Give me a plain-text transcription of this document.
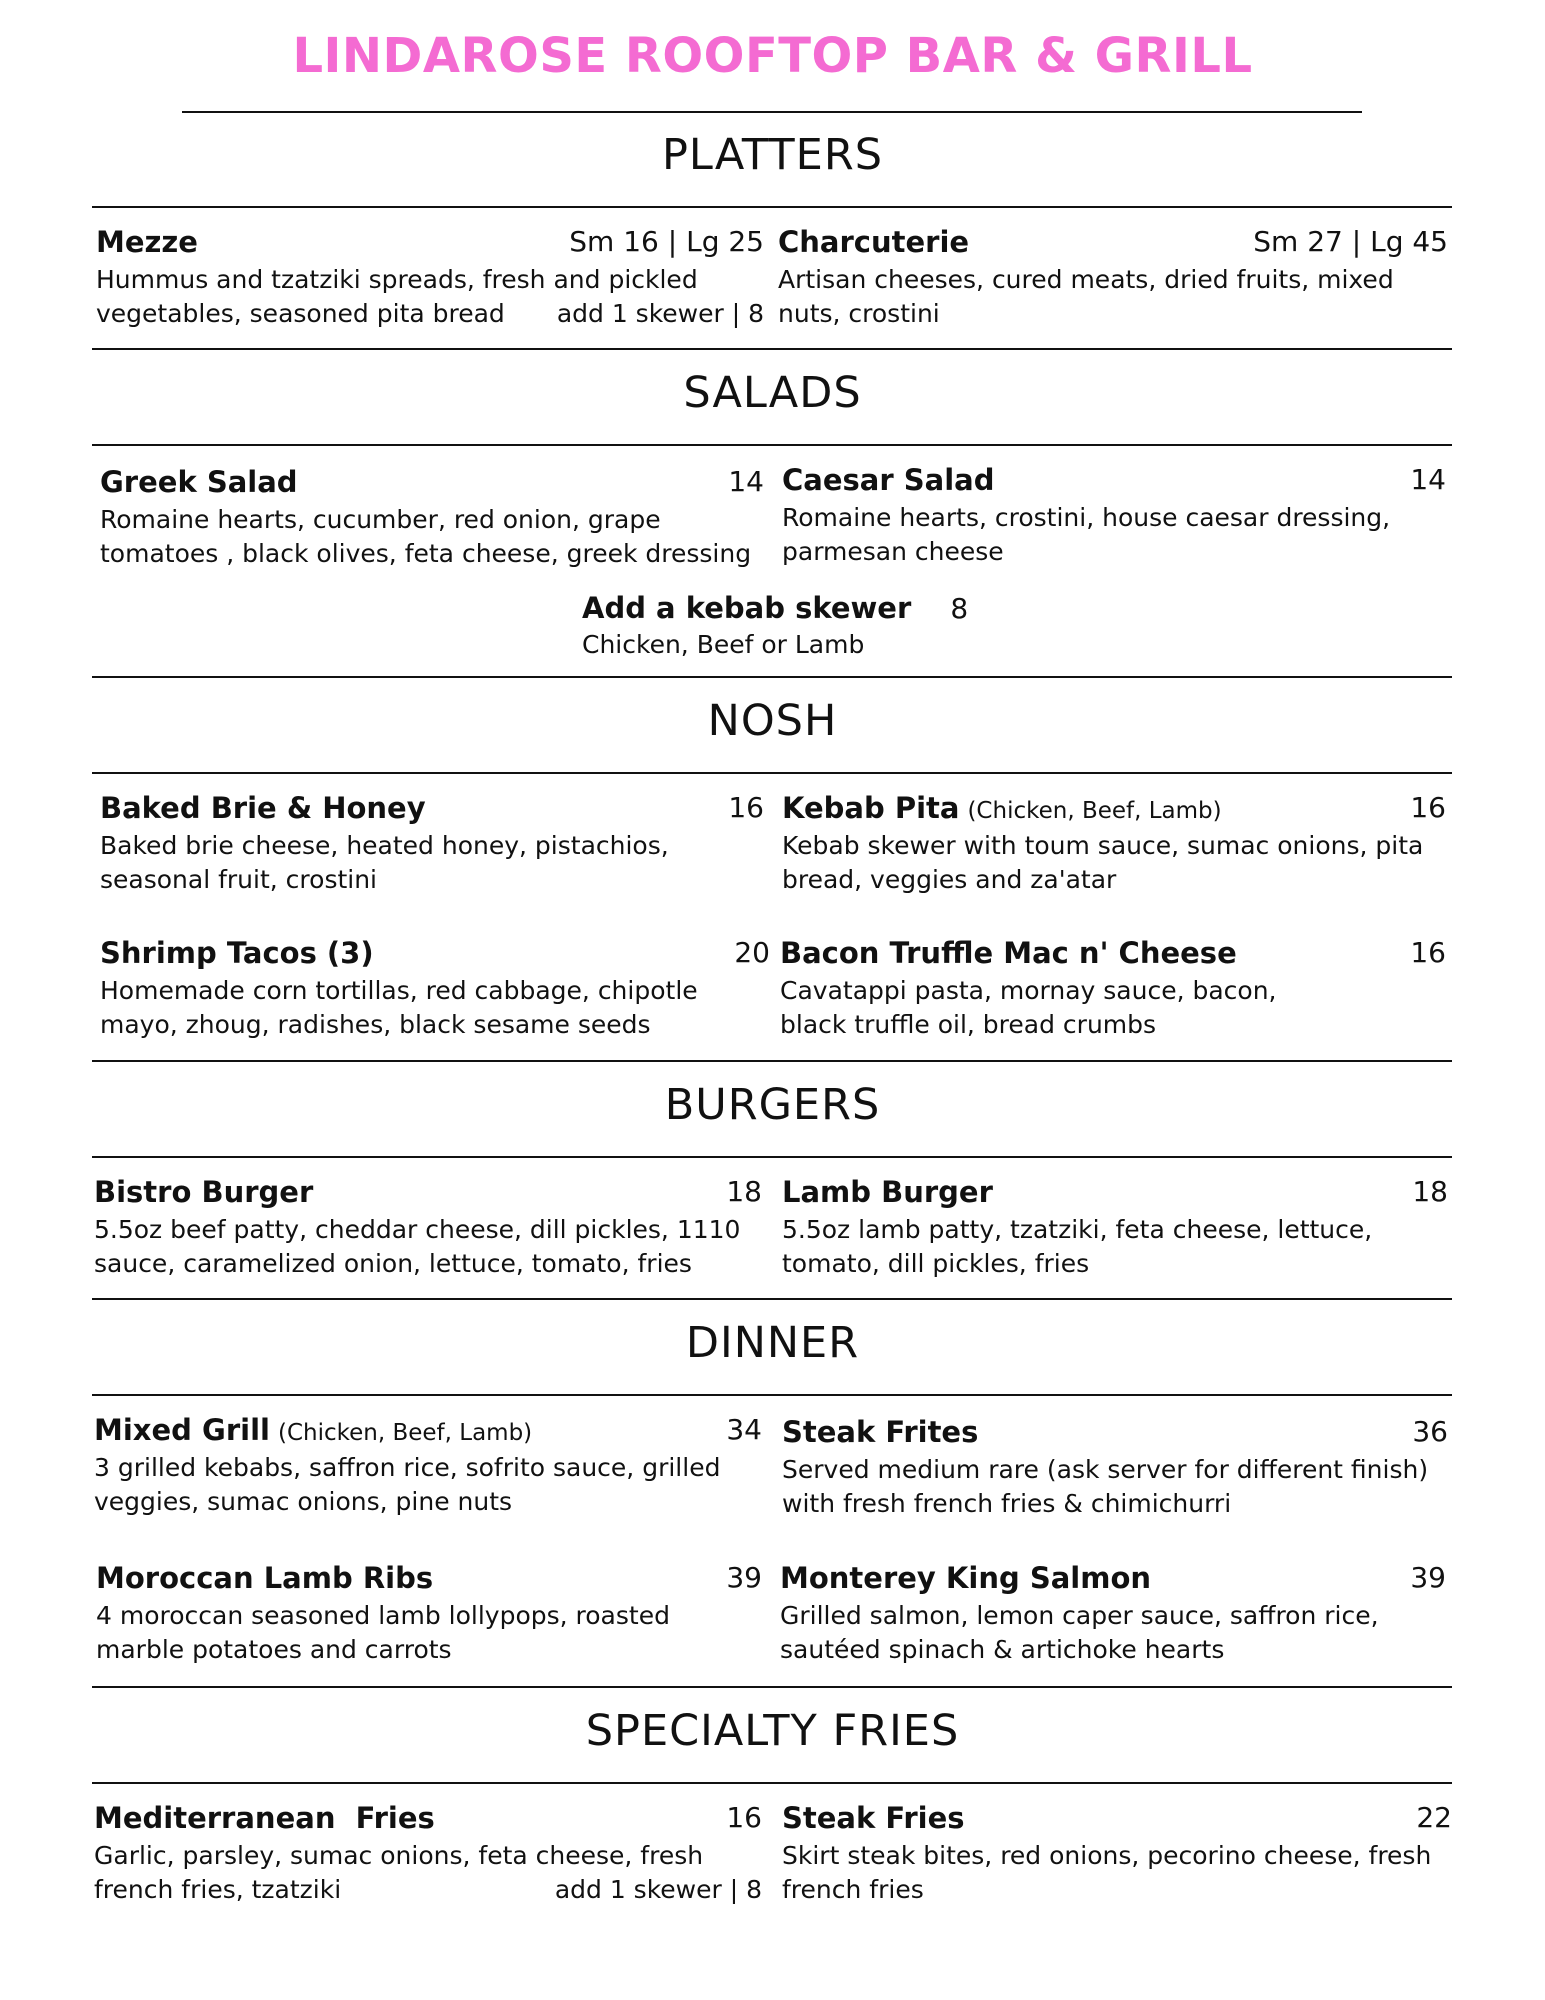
LINDAROSE ROOFTOP BAR & GRILL
PLATTERS
Mezze	Sm 16 | Lg 25
Hummus and tzatziki spreads, fresh and pickled vegetables, seasoned pita bread add 1 skewer | 8
Charcuterie	Sm 27 | Lg 45
Artisan cheeses, cured meats, dried fruits, mixed nuts, crostini
SALADS
Greek Salad	14
Romaine hearts, cucumber, red onion, grape tomatoes , black olives, feta cheese, greek dressing
Caesar Salad	14
Romaine hearts, crostini, house caesar dressing, parmesan cheese
Add a kebab skewer 8
Chicken, Beef or Lamb
NOSH
Baked Brie & Honey	16
Baked brie cheese, heated honey, pistachios, seasonal fruit, crostini
Kebab Pita (Chicken, Beef, Lamb)	16
Kebab skewer with toum sauce, sumac onions, pita bread, veggies and za'atar
Shrimp Tacos (3)	20
Homemade corn tortillas, red cabbage, chipotle mayo, zhoug, radishes, black sesame seeds
Bacon Truffle Mac n' Cheese	16
Cavatappi pasta, mornay sauce, bacon, black truffle oil, bread crumbs
BURGERS
Bistro Burger	18
5.5oz beef patty, cheddar cheese, dill pickles, 1110 sauce, caramelized onion, lettuce, tomato, fries
Lamb Burger	18
5.5oz lamb patty, tzatziki, feta cheese, lettuce, tomato, dill pickles, fries
DINNER
Mixed Grill (Chicken, Beef, Lamb)	34
3 grilled kebabs, saffron rice, sofrito sauce, grilled veggies, sumac onions, pine nuts
Steak Frites	36
Served medium rare (ask server for different finish) with fresh french fries & chimichurri
Moroccan Lamb Ribs	39
4 moroccan seasoned lamb lollypops, roasted marble potatoes and carrots
Monterey King Salmon	39
Grilled salmon, lemon caper sauce, saffron rice, sautéed spinach & artichoke hearts
SPECIALTY FRIES
Mediterranean  Fries	16
Garlic, parsley, sumac onions, feta cheese, fresh french fries, tzatziki	add 1 skewer | 8
Steak Fries	22
Skirt steak bites, red onions, pecorino cheese, fresh french fries
